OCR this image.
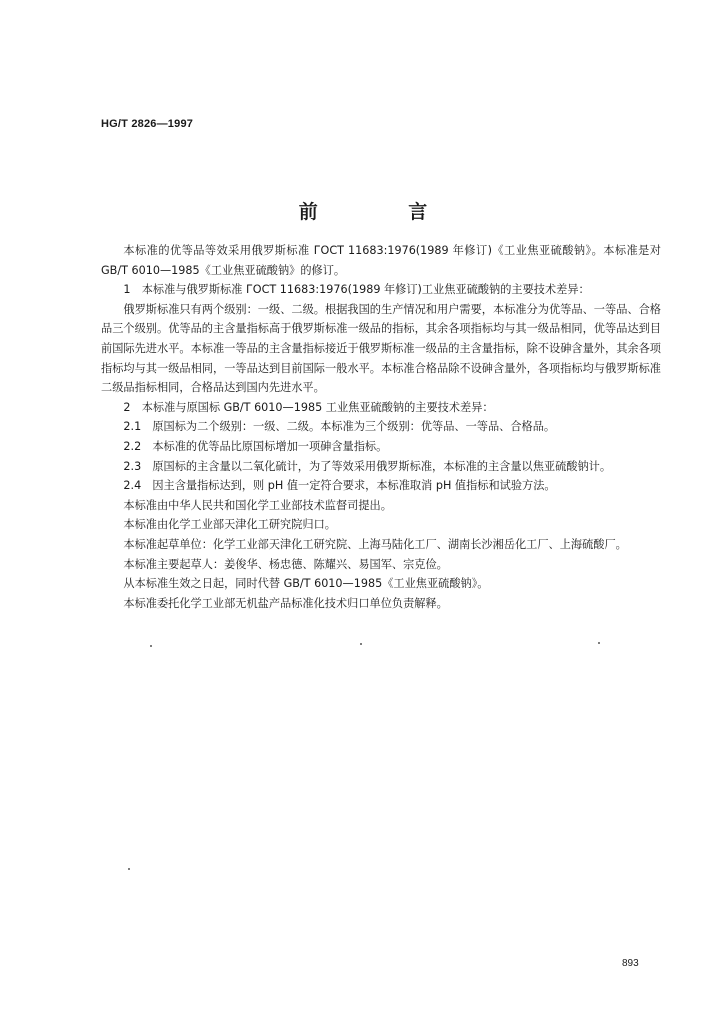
HG/T 2826—1997
前 言

本标准的优等品等效采用俄罗斯标准 ГОСТ 11683:1976(1989 年修订)《工业焦亚硫酸钠》。本标准是对 GB/T 6010—1985《工业焦亚硫酸钠》的修订。

1　本标准与俄罗斯标准 ГОСТ 11683:1976(1989 年修订)工业焦亚硫酸钠的主要技术差异：

俄罗斯标准只有两个级别：一级、二级。根据我国的生产情况和用户需要，本标准分为优等品、一等品、合格品三个级别。优等品的主含量指标高于俄罗斯标准一级品的指标，其余各项指标均与其一级品相同，优等品达到目前国际先进水平。本标准一等品的主含量指标接近于俄罗斯标准一级品的主含量指标，除不设砷含量外，其余各项指标均与其一级品相同，一等品达到目前国际一般水平。本标准合格品除不设砷含量外，各项指标均与俄罗斯标准二级品指标相同，合格品达到国内先进水平。

2　本标准与原国标 GB/T 6010—1985 工业焦亚硫酸钠的主要技术差异：

2.1　原国标为二个级别：一级、二级。本标准为三个级别：优等品、一等品、合格品。

2.2　本标准的优等品比原国标增加一项砷含量指标。

2.3　原国标的主含量以二氧化硫计，为了等效采用俄罗斯标准，本标准的主含量以焦亚硫酸钠计。

2.4　因主含量指标达到，则 pH 值一定符合要求，本标准取消 pH 值指标和试验方法。

本标准由中华人民共和国化学工业部技术监督司提出。

本标准由化学工业部天津化工研究院归口。

本标准起草单位：化学工业部天津化工研究院、上海马陆化工厂、湖南长沙湘岳化工厂、上海硫酸厂。

本标准主要起草人：姜俊华、杨忠德、陈耀兴、易国军、宗克俭。

从本标准生效之日起，同时代替 GB/T 6010—1985《工业焦亚硫酸钠》。

本标准委托化学工业部无机盐产品标准化技术归口单位负责解释。

893
